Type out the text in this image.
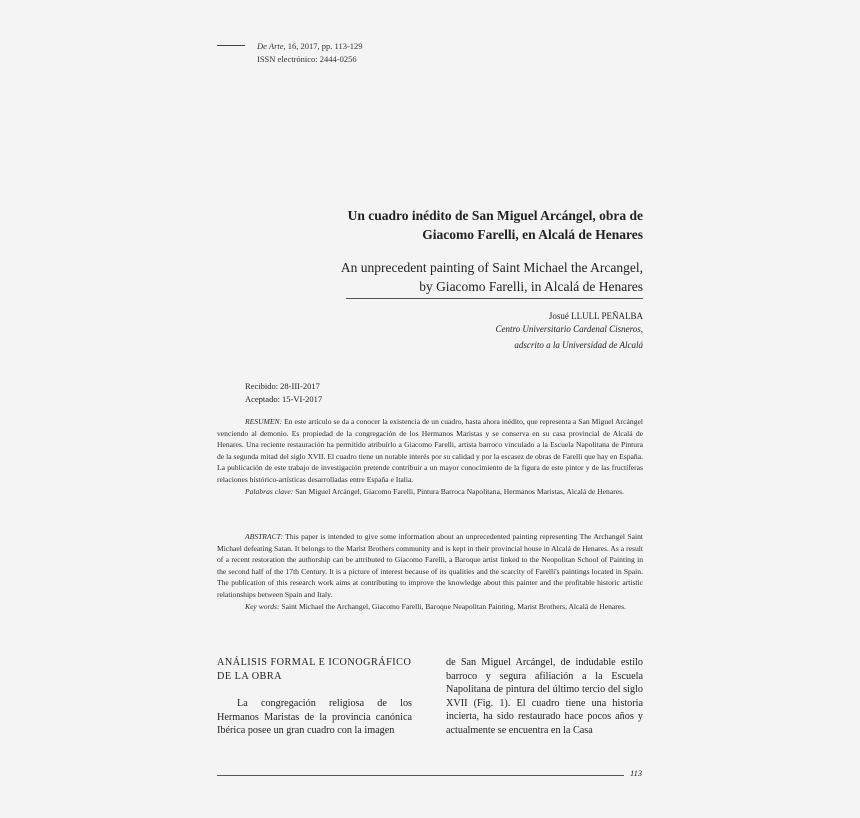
De Arte, 16, 2017, pp. 113-129
ISSN electrónico: 2444-0256
Un cuadro inédito de San Miguel Arcángel, obra de
Giacomo Farelli, en Alcalá de Henares
An unprecedent painting of Saint Michael the Arcangel,
by Giacomo Farelli, in Alcalá de Henares
Josué LLULL PEÑALBA
Centro Universitario Cardenal Cisneros,
adscrito a la Universidad de Alcalá
Recibido: 28-III-2017
Aceptado: 15-VI-2017

RESUMEN: En este artículo se da a conocer la existencia de un cuadro, hasta ahora inédito, que representa a San Miguel Arcángel venciendo al demonio. Es propiedad de la congregación de los Hermanos Maristas y se conserva en su casa provincial de Alcalá de Henares. Una reciente restauración ha permitido atribuírlo a Giacomo Farelli, artista barroco vinculado a la Escuela Napolitana de Pintura de la segunda mitad del siglo XVII. El cuadro tiene un notable interés por su calidad y por la escasez de obras de Farelli que hay en España. La publicación de este trabajo de investigación pretende contribuir a un mayor conocimiento de la figura de este pintor y de las fructíferas relaciones histórico-artísticas desarrolladas entre España e Italia.

Palabras clave: San Miguel Arcángel, Giacomo Farelli, Pintura Barroca Napolitana, Hermanos Maristas, Alcalá de Henares.

ABSTRACT: This paper is intended to give some information about an unprecedented painting representing The Archangel Saint Michael defeating Satan. It belongs to the Marist Brothers community and is kept in their provincial house in Alcalá de Henares. As a result of a recent restoration the authorship can be attributed to Giacomo Farelli, a Baroque artist linked to the Neopolitan School of Painting in the second half of the 17th Century. It is a picture of interest because of its qualities and the scarcity of Farelli's paintings located in Spain. The publication of this research work aims at contributing to improve the knowledge about this painter and the profitable historic artistic relationships between Spain and Italy.

Key words: Saint Michael the Archangel, Giacomo Farelli, Baroque Neapolitan Painting, Marist Brothers, Alcalá de Henares.

ANÁLISIS FORMAL E ICONOGRÁFICO DE LA OBRA

La congregación religiosa de los Hermanos Maristas de la provincia canónica Ibérica posee un gran cuadro con la imagen

de San Miguel Arcángel, de indudable estilo barroco y segura afiliación a la Escuela Napolitana de pintura del último tercio del siglo XVII (Fig. 1). El cuadro tiene una historia incierta, ha sido restaurado hace pocos años y actualmente se encuentra en la Casa

113
